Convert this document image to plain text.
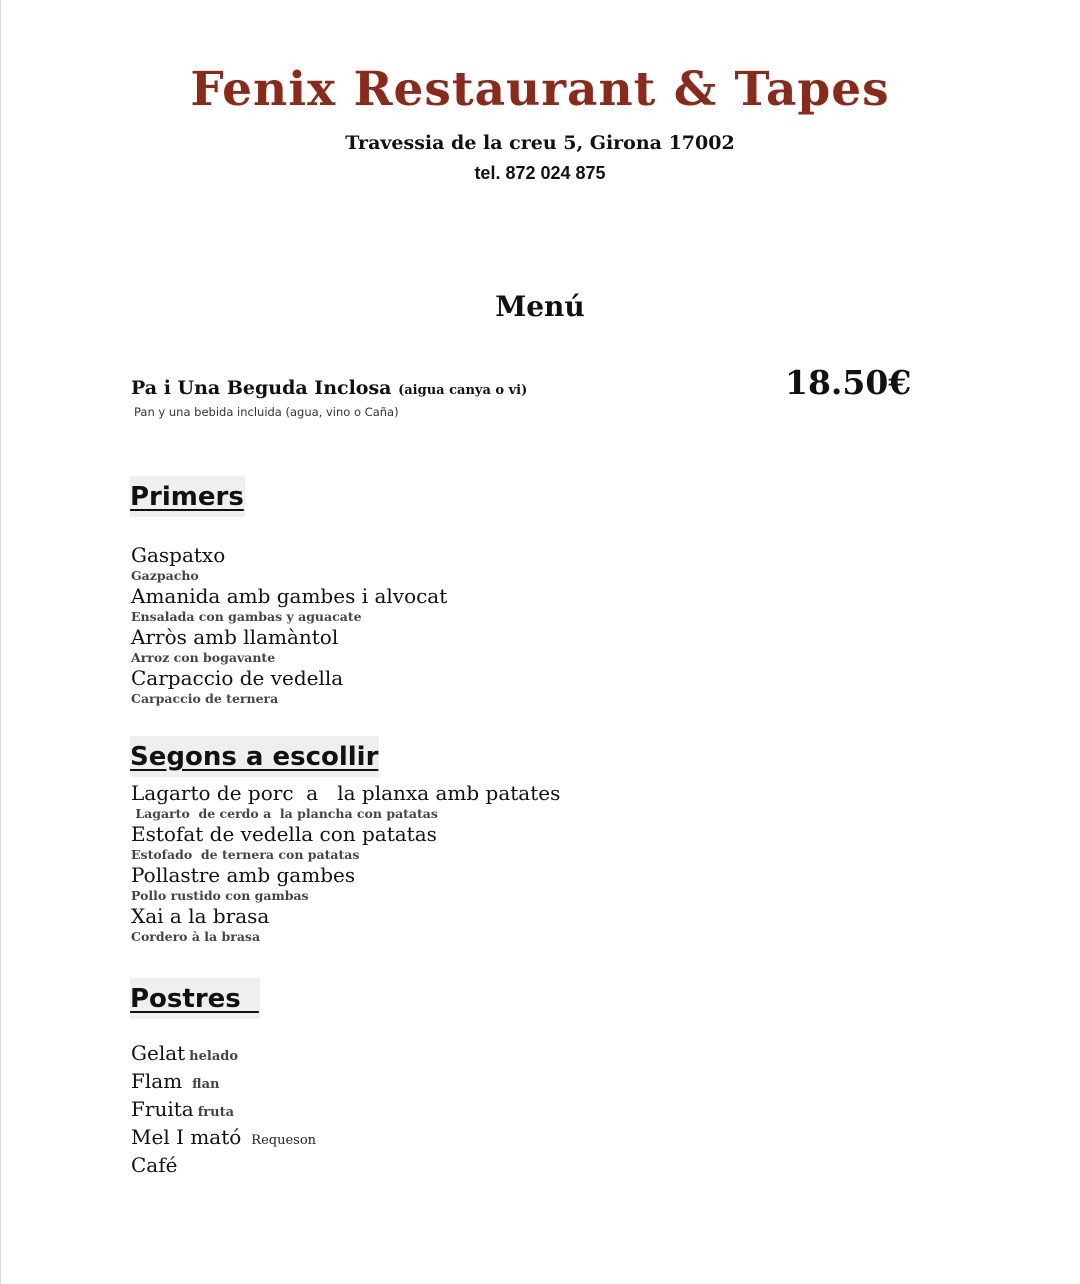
Fenix Restaurant & Tapes
Travessia de la creu 5, Girona 17002
tel. 872 024 875
Menú
Pa i Una Beguda Inclosa (aigua canya o vi)
Pan y una bebida incluida (agua, vino o Caña)
18.50€
Primers
Gaspatxo
Gazpacho
Amanida amb gambes i alvocat
Ensalada con gambas y aguacate
Arròs amb llamàntol
Arroz con bogavante
Carpaccio de vedella
Carpaccio de ternera
Segons a escollir
Lagarto de porc  a   la planxa amb patates
Lagarto  de cerdo a  la plancha con patatas
Estofat de vedella con patatas
Estofado  de ternera con patatas
Pollastre amb gambes
Pollo rustido con gambas
Xai a la brasa
Cordero à la brasa
Postres
Gelat helado
Flam flan
Fruita fruta
Mel I mató Requeson
Café
